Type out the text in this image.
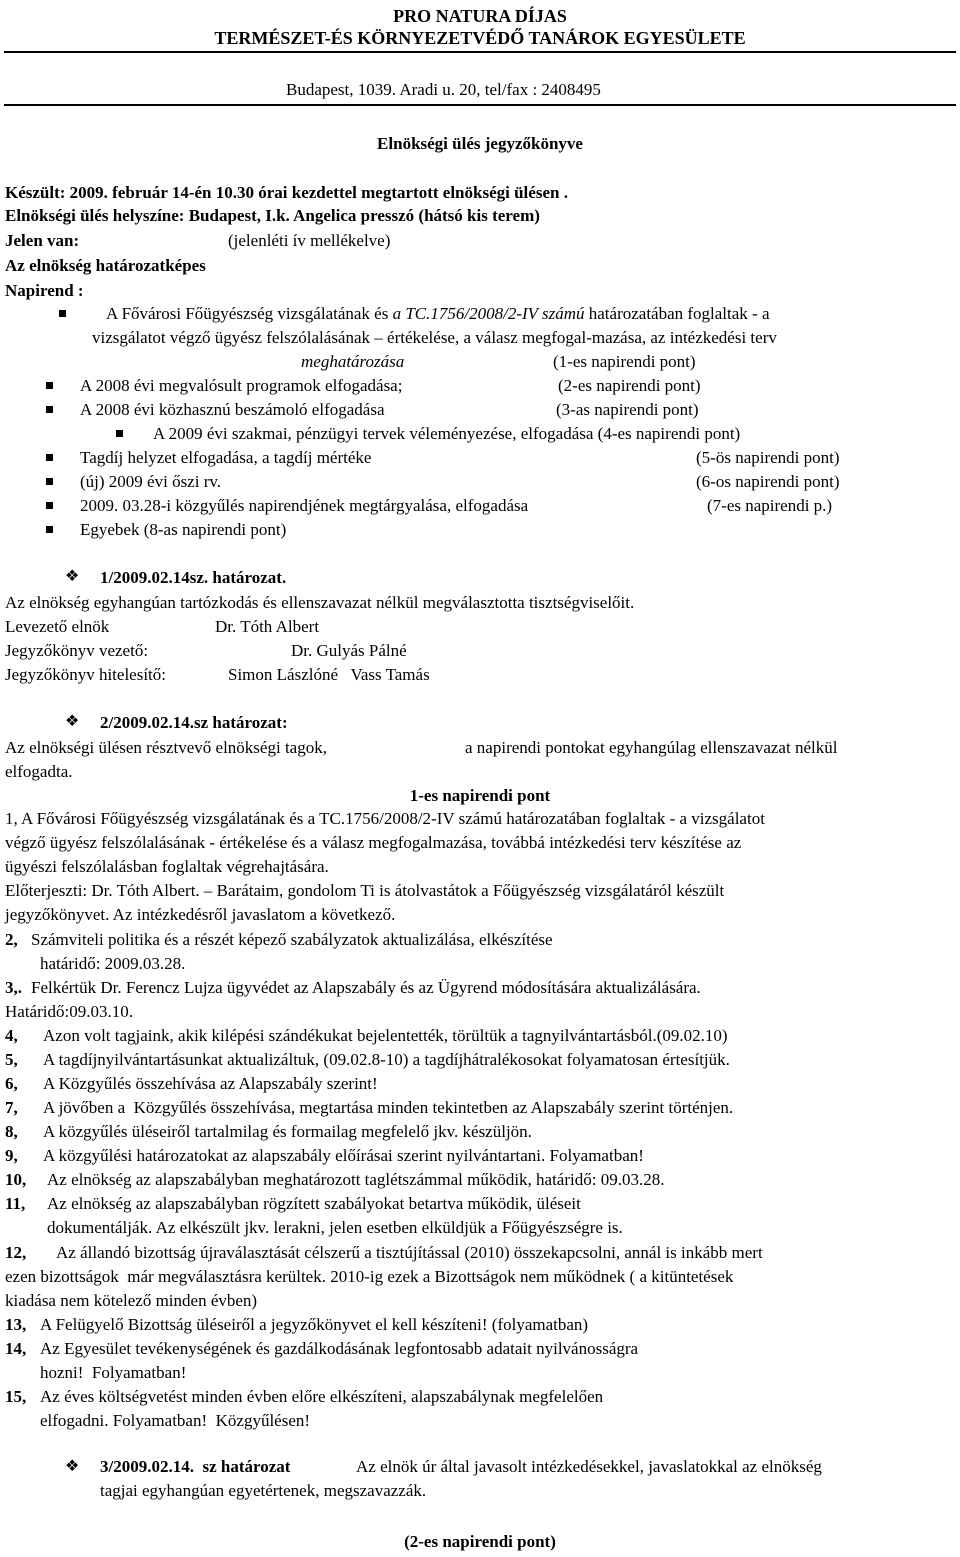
PRO NATURA DÍJAS
TERMÉSZET-ÉS KÖRNYEZETVÉDŐ TANÁROK EGYESÜLETE
Budapest, 1039. Aradi u. 20, tel/fax : 2408495
Elnökségi ülés jegyzőkönyve
Készült: 2009. február 14-én 10.30 órai kezdettel megtartott elnökségi ülésen .
Elnökségi ülés helyszíne: Budapest, I.k. Angelica presszó (hátsó kis terem)
Jelen van:	(jelenléti ív mellékelve)
Az elnökség határozatképes
Napirend :
A Fővárosi Főügyészség vizsgálatának és a TC.1756/2008/2-IV számú határozatában foglaltak - a
vizsgálatot végző ügyész felszólalásának – értékelése, a válasz megfogal-mazása, az intézkedési terv
meghatározása	(1-es napirendi pont)
A 2008 évi megvalósult programok elfogadása;	(2-es napirendi pont)
A 2008 évi közhasznú beszámoló elfogadása	(3-as napirendi pont)
A 2009 évi szakmai, pénzügyi tervek véleményezése, elfogadása (4-es napirendi pont)
Tagdíj helyzet elfogadása, a tagdíj mértéke	(5-ös napirendi pont)
(új) 2009 évi őszi rv.	(6-os napirendi pont)
2009. 03.28-i közgyűlés napirendjének megtárgyalása, elfogadása	(7-es napirendi p.)
Egyebek (8-as napirendi pont)
❖ 1/2009.02.14sz. határozat.
Az elnökség egyhangúan tartózkodás és ellenszavazat nélkül megválasztotta tisztségviselőit.
Levezető elnök	Dr. Tóth Albert
Jegyzőkönyv vezető:	Dr. Gulyás Pálné
Jegyzőkönyv hitelesítő:	Simon Lászlóné   Vass Tamás
❖ 2/2009.02.14.sz határozat:
Az elnökségi ülésen résztvevő elnökségi tagok,	a napirendi pontokat egyhangúlag ellenszavazat nélkül
elfogadta.
1-es napirendi pont
1, A Fővárosi Főügyészség vizsgálatának és a TC.1756/2008/2-IV számú határozatában foglaltak - a vizsgálatot
végző ügyész felszólalásának - értékelése és a válasz megfogalmazása, továbbá intézkedési terv készítése az
ügyészi felszólalásban foglaltak végrehajtására.
Előterjeszti: Dr. Tóth Albert. – Barátaim, gondolom Ti is átolvastátok a Főügyészség vizsgálatáról készült
jegyzőkönyvet. Az intézkedésről javaslatom a következő.
2, Számviteli politika és a részét képező szabályzatok aktualizálása, elkészítése
határidő: 2009.03.28.
3,. Felkértük Dr. Ferencz Lujza ügyvédet az Alapszabály és az Ügyrend módosítására aktualizálására.
Határidő:09.03.10.
4, Azon volt tagjaink, akik kilépési szándékukat bejelentették, törültük a tagnyilvántartásból.(09.02.10)
5, A tagdíjnyilvántartásunkat aktualizáltuk, (09.02.8-10) a tagdíjhátralékosokat folyamatosan értesítjük.
6, A Közgyűlés összehívása az Alapszabály szerint!
7, A jövőben a  Közgyűlés összehívása, megtartása minden tekintetben az Alapszabály szerint történjen.
8, A közgyűlés üléseiről tartalmilag és formailag megfelelő jkv. készüljön.
9, A közgyűlési határozatokat az alapszabály előírásai szerint nyilvántartani. Folyamatban!
10, Az elnökség az alapszabályban meghatározott taglétszámmal működik, határidő: 09.03.28.
11, Az elnökség az alapszabályban rögzített szabályokat betartva működik, üléseit
dokumentálják. Az elkészült jkv. lerakni, jelen esetben elküldjük a Főügyészségre is.
12, Az állandó bizottság újraválasztását célszerű a tisztújítással (2010) összekapcsolni, annál is inkább mert
ezen bizottságok  már megválasztásra kerültek. 2010-ig ezek a Bizottságok nem működnek ( a kitüntetések
kiadása nem kötelező minden évben)
13, A Felügyelő Bizottság üléseiről a jegyzőkönyvet el kell készíteni! (folyamatban)
14, Az Egyesület tevékenységének és gazdálkodásának legfontosabb adatait nyilvánosságra
hozni!  Folyamatban!
15, Az éves költségvetést minden évben előre elkészíteni, alapszabálynak megfelelően
elfogadni. Folyamatban!  Közgyűlésen!
❖ 3/2009.02.14.  sz határozat	Az elnök úr által javasolt intézkedésekkel, javaslatokkal az elnökség
tagjai egyhangúan egyetértenek, megszavazzák.
(2-es napirendi pont)
